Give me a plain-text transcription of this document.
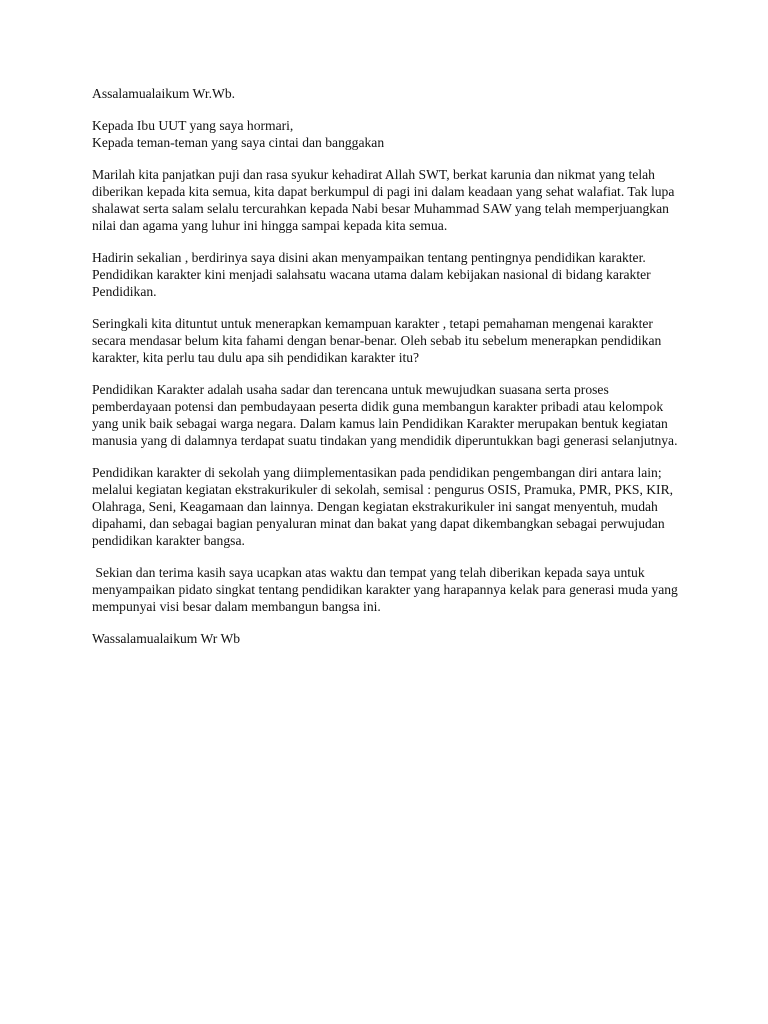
Assalamualaikum Wr.Wb.

Kepada Ibu UUT yang saya hormari,

Kepada teman-teman yang saya cintai dan banggakan

Marilah kita panjatkan puji dan rasa syukur kehadirat Allah SWT, berkat karunia dan nikmat yang telah diberikan kepada kita semua, kita dapat berkumpul di pagi ini dalam keadaan yang sehat walafiat. Tak lupa shalawat serta salam selalu tercurahkan kepada Nabi besar Muhammad SAW yang telah memperjuangkan nilai dan agama yang luhur ini hingga sampai kepada kita semua.

Hadirin sekalian , berdirinya saya disini akan menyampaikan tentang pentingnya pendidikan karakter. Pendidikan karakter kini menjadi salahsatu wacana utama dalam kebijakan nasional di bidang karakter Pendidikan.

Seringkali kita dituntut untuk menerapkan kemampuan karakter , tetapi pemahaman mengenai karakter secara mendasar belum kita fahami dengan benar-benar. Oleh sebab itu sebelum menerapkan pendidikan karakter, kita perlu tau dulu apa sih pendidikan karakter itu?

Pendidikan Karakter adalah usaha sadar dan terencana untuk mewujudkan suasana serta proses pemberdayaan potensi dan pembudayaan peserta didik guna membangun karakter pribadi atau kelompok yang unik baik sebagai warga negara. Dalam kamus lain Pendidikan Karakter merupakan bentuk kegiatan manusia yang di dalamnya terdapat suatu tindakan yang mendidik diperuntukkan bagi generasi selanjutnya.

Pendidikan karakter di sekolah yang diimplementasikan pada pendidikan pengembangan diri antara lain; melalui kegiatan kegiatan ekstrakurikuler di sekolah, semisal : pengurus OSIS, Pramuka, PMR, PKS, KIR, Olahraga, Seni, Keagamaan dan lainnya. Dengan kegiatan ekstrakurikuler ini sangat menyentuh, mudah dipahami, dan sebagai bagian penyaluran minat dan bakat yang dapat dikembangkan sebagai perwujudan pendidikan karakter bangsa.

Sekian dan terima kasih saya ucapkan atas waktu dan tempat yang telah diberikan kepada saya untuk menyampaikan pidato singkat tentang pendidikan karakter yang harapannya kelak para generasi muda yang mempunyai visi besar dalam membangun bangsa ini.

Wassalamualaikum Wr Wb
